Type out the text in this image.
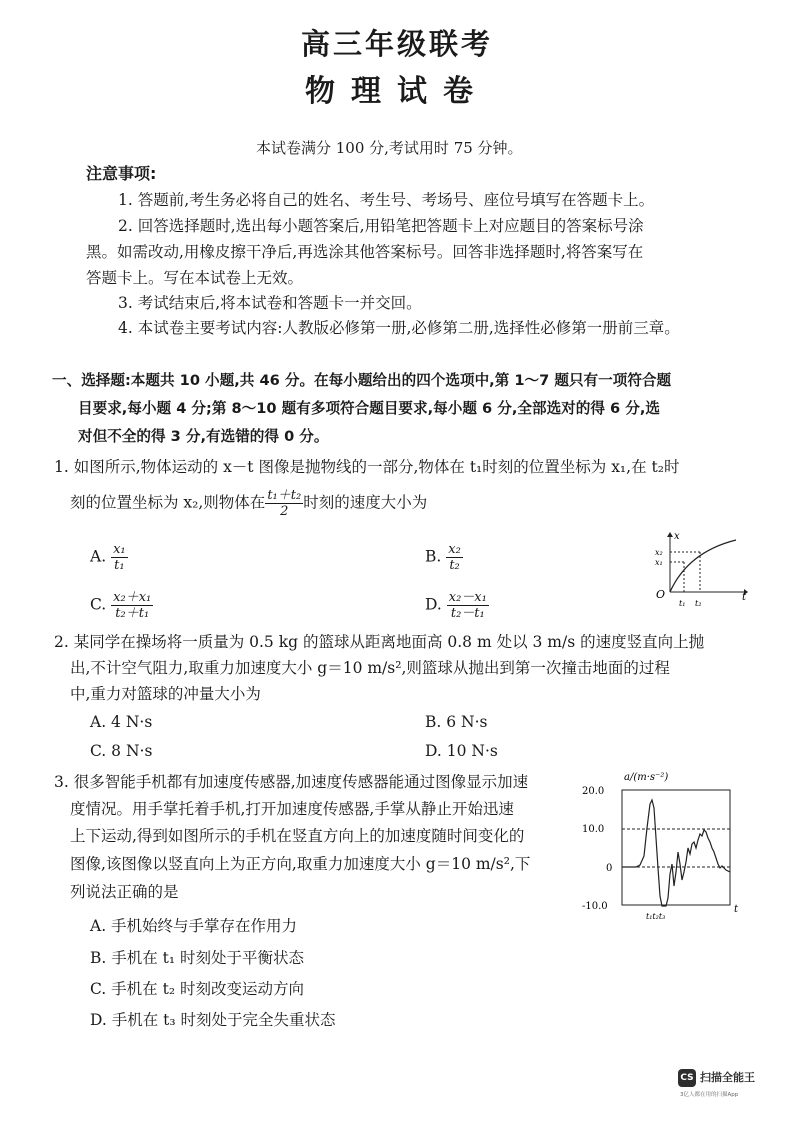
高三年级联考
物理试卷
本试卷满分 100 分,考试用时 75 分钟。
注意事项:
1. 答题前,考生务必将自己的姓名、考生号、考场号、座位号填写在答题卡上。
2. 回答选择题时,选出每小题答案后,用铅笔把答题卡上对应题目的答案标号涂
黑。如需改动,用橡皮擦干净后,再选涂其他答案标号。回答非选择题时,将答案写在
答题卡上。写在本试卷上无效。
3. 考试结束后,将本试卷和答题卡一并交回。
4. 本试卷主要考试内容:人教版必修第一册,必修第二册,选择性必修第一册前三章。
一、选择题:本题共 10 小题,共 46 分。在每小题给出的四个选项中,第 1～7 题只有一项符合题
目要求,每小题 4 分;第 8～10 题有多项符合题目要求,每小题 6 分,全部选对的得 6 分,选
对但不全的得 3 分,有选错的得 0 分。
1. 如图所示,物体运动的 x－t 图像是抛物线的一部分,物体在 t₁时刻的位置坐标为 x₁,在 t₂时
刻的位置坐标为 x₂,则物体在 $\frac{\text{t₁＋t₂}}{2}$ 时刻的速度大小为
A. $\frac{\text{x₁}}{\text{t₁}}$	B. $\frac{\text{x₂}}{\text{t₂}}$
C. $\frac{\text{x₂＋x₁}}{\text{t₂＋t₁}}$	D. $\frac{\text{x₂－x₁}}{\text{t₂－t₁}}$	t
x
O
t₁ t₂
x₂
x₁
2. 某同学在操场将一质量为 0.5 kg 的篮球从距离地面高 0.8 m 处以 3 m/s 的速度竖直向上抛
出,不计空气阻力,取重力加速度大小 g＝10 m/s²,则篮球从抛出到第一次撞击地面的过程
中,重力对篮球的冲量大小为
A. 4 N·s	B. 6 N·s
C. 8 N·s	D. 10 N·s
3. 很多智能手机都有加速度传感器,加速度传感器能通过图像显示加速
度情况。用手掌托着手机,打开加速度传感器,手掌从静止开始迅速
上下运动,得到如图所示的手机在竖直方向上的加速度随时间变化的
图像,该图像以竖直向上为正方向,取重力加速度大小 g＝10 m/s²,下
列说法正确的是
A. 手机始终与手掌存在作用力
B. 手机在 t₁ 时刻处于平衡状态
C. 手机在 t₂ 时刻改变运动方向
D. 手机在 t₃ 时刻处于完全失重状态
a/(m·s⁻²)
20.0
10.0
0
-10.0
t₁t₂t₃
t
CS 扫描全能王
3亿人都在用的扫描App
